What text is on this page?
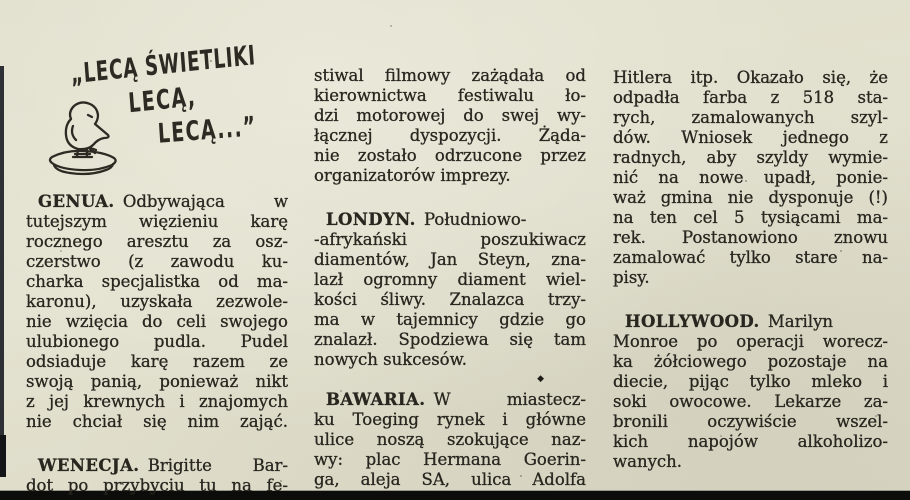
„LECĄ ŚWIETLIKI
LECĄ,
LECĄ...”
GENUA. Odbywająca w
tutejszym więzieniu karę
rocznego aresztu za osz-
czerstwo (z zawodu ku-
charka specjalistka od ma-
karonu), uzyskała zezwole-
nie wzięcia do celi swojego
ulubionego pudla. Pudel
odsiaduje karę razem ze
swoją panią, ponieważ nikt
z jej krewnych i znajomych
nie chciał się nim zająć.
WENECJA. Brigitte Bar-
dot po przybyciu tu na fe-
stiwal filmowy zażądała od
kierownictwa festiwalu ło-
dzi motorowej do swej wy-
łącznej dyspozycji. Żąda-
nie zostało odrzucone przez
organizatorów imprezy.
LONDYN. Południowo-
-afrykański poszukiwacz
diamentów, Jan Steyn, zna-
lazł ogromny diament wiel-
kości śliwy. Znalazca trzy-
ma w tajemnicy gdzie go
znalazł. Spodziewa się tam
nowych sukcesów.
◆
BAWARIA. W miastecz-
ku Toeging rynek i główne
ulice noszą szokujące naz-
wy: plac Hermana Goerin-
ga, aleja SA, ulica Adolfa
Hitlera itp. Okazało się, że
odpadła farba z 518 sta-
rych, zamalowanych szyl-
dów. Wniosek jednego z
radnych, aby szyldy wymie-
nić na nowe upadł, ponie-
waż gmina nie dysponuje (!)
na ten cel 5 tysiącami ma-
rek. Postanowiono znowu
zamalować tylko stare na-
pisy.
HOLLYWOOD. Marilyn
Monroe po operacji worecz-
ka żółciowego pozostaje na
diecie, pijąc tylko mleko i
soki owocowe. Lekarze za-
bronili oczywiście wszel-
kich napojów alkoholizo-
wanych.
